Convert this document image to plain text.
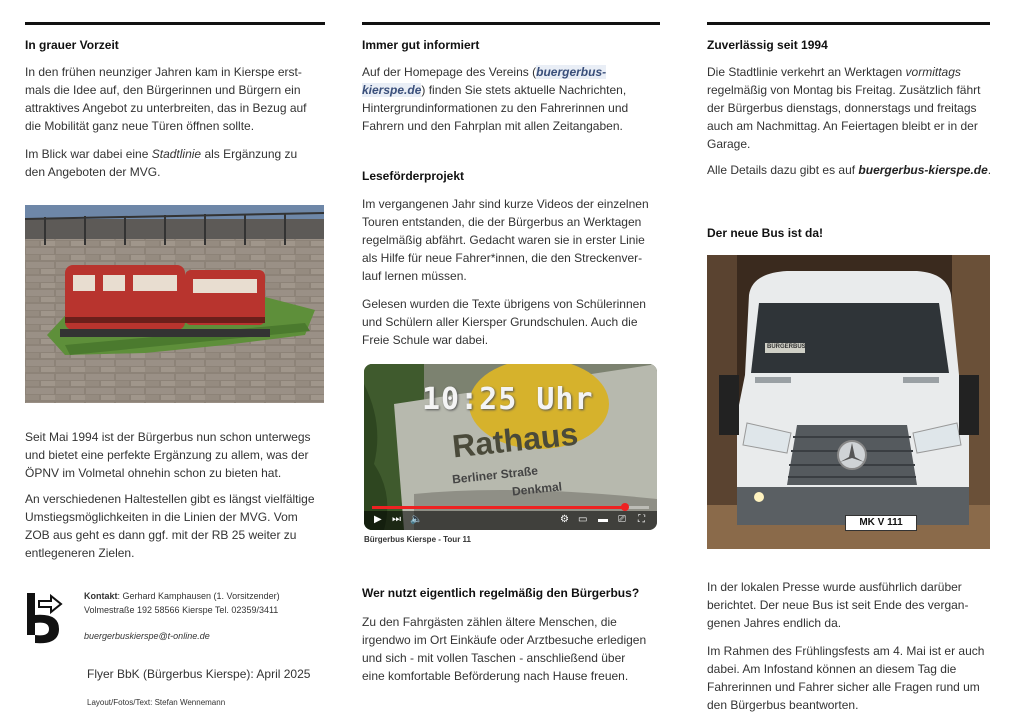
In grauer Vorzeit

In den frühen neunziger Jahren kam in Kierspe erst-
mals die Idee auf, den Bürgerinnen und Bürgern ein
attraktives Angebot zu unterbreiten, das in Bezug auf
die Mobilität ganz neue Türen öffnen sollte.

Im Blick war dabei eine Stadtlinie als Ergänzung zu
den Angeboten der MVG.

Seit Mai 1994 ist der Bürgerbus nun schon unterwegs
und bietet eine perfekte Ergänzung zu allem, was der
ÖPNV im Volmetal ohnehin schon zu bieten hat.

An verschiedenen Haltestellen gibt es längst vielfältige
Umstiegsmöglichkeiten in die Linien der MVG. Vom
ZOB aus geht es dann ggf. mit der RB 25 weiter zu
entlegeneren Zielen.

Kontakt: Gerhard Kamphausen (1. Vorsitzender)
Volmestraße 192 58566 Kierspe Tel. 02359/3411
buergerbuskierspe@t-online.de
Flyer BbK (Bürgerbus Kierspe): April 2025
Layout/Fotos/Text: Stefan Wennemann
Immer gut informiert

Auf der Homepage des Vereins (buergerbus-
kierspe.de) finden Sie stets aktuelle Nachrichten,
Hintergrundinformationen zu den Fahrerinnen und
Fahrern und den Fahrplan mit allen Zeitangaben.

Leseförderprojekt

Im vergangenen Jahr sind kurze Videos der einzelnen
Touren entstanden, die der Bürgerbus an Werktagen
regelmäßig abfährt. Gedacht waren sie in erster Linie
als Hilfe für neue Fahrer*innen, die den Streckenver-
lauf lernen müssen.

Gelesen wurden die Texte übrigens von Schülerinnen
und Schülern aller Kiersper Grundschulen. Auch die
Freie Schule war dabei.

10:25 Uhr
Rathaus
Berliner Straße
Denkmal
▶ ⏭ 🔈	⚙ ▭ ▬ ⎚ ⛶
Bürgerbus Kierspe - Tour 11
Wer nutzt eigentlich regelmäßig den Bürgerbus?

Zu den Fahrgästen zählen ältere Menschen, die
irgendwo im Ort Einkäufe oder Arztbesuche erledigen
und sich - mit vollen Taschen - anschließend über
eine komfortable Beförderung nach Hause freuen.

Zuverlässig seit 1994

Die Stadtlinie verkehrt an Werktagen vormittags
regelmäßig von Montag bis Freitag. Zusätzlich fährt
der Bürgerbus dienstags, donnerstags und freitags
auch am Nachmittag. An Feiertagen bleibt er in der
Garage.

Alle Details dazu gibt es auf buergerbus-kierspe.de.

Der neue Bus ist da!
BÜRGERBUS
MK V 111

In der lokalen Presse wurde ausführlich darüber
berichtet. Der neue Bus ist seit Ende des vergan-
genen Jahres endlich da.

Im Rahmen des Frühlingsfests am 4. Mai ist er auch
dabei. Am Infostand können an diesem Tag die
Fahrerinnen und Fahrer sicher alle Fragen rund um
den Bürgerbus beantworten.
